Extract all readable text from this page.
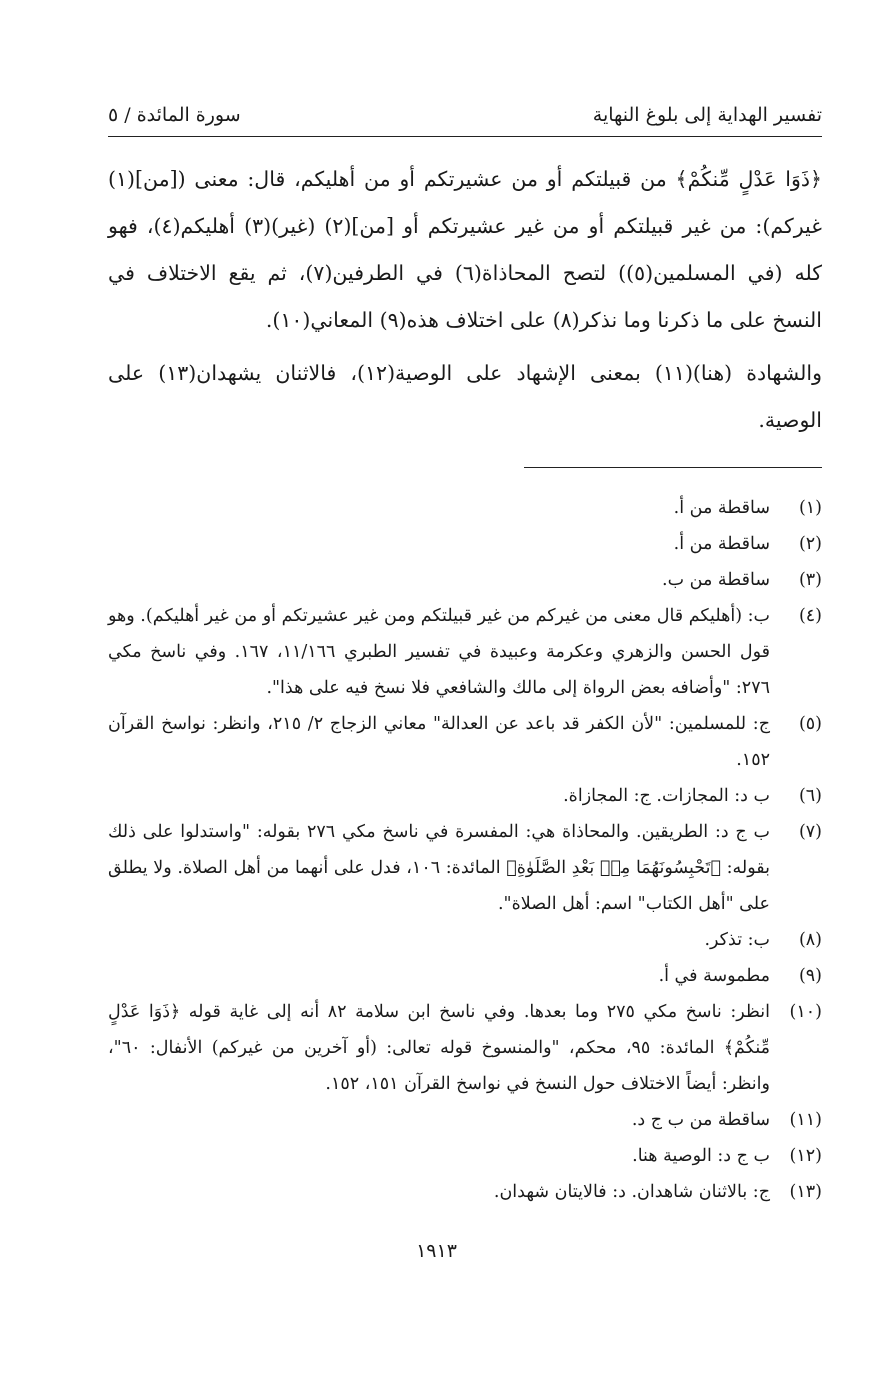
تفسير الهداية إلى بلوغ النهاية
سورة المائدة / ٥

﴿ذَوَا عَدْلٍ مِّنكُمْ﴾ من قبيلتكم أو من عشيرتكم أو من أهليكم، قال: معنى ([من](١) غيركم): من غير قبيلتكم أو من غير عشيرتكم أو [من](٢) (غير)(٣) أهليكم(٤)، فهو كله (في المسلمين(٥)) لتصح المحاذاة(٦) في الطرفين(٧)، ثم يقع الاختلاف في النسخ على ما ذكرنا وما نذكر(٨) على اختلاف هذه(٩) المعاني(١٠).

والشهادة (هنا)(١١) بمعنى الإشهاد على الوصية(١٢)، فالاثنان يشهدان(١٣) على الوصية.

(١)
ساقطة من أ.
(٢)
ساقطة من أ.
(٣)
ساقطة من ب.
(٤)
ب: (أهليكم قال معنى من غيركم من غير قبيلتكم ومن غير عشيرتكم أو من غير أهليكم). وهو قول الحسن والزهري وعكرمة وعبيدة في تفسير الطبري ١١/١٦٦، ١٦٧. وفي ناسخ مكي ٢٧٦: "وأضافه بعض الرواة إلى مالك والشافعي فلا نسخ فيه على هذا".
(٥)
ج: للمسلمين: "لأن الكفر قد باعد عن العدالة" معاني الزجاج ٢/ ٢١٥، وانظر: نواسخ القرآن ١٥٢.
(٦)
ب د: المجازات. ج: المجازاة.
(٧)
ب ج د: الطريقين. والمحاذاة هي: المفسرة في ناسخ مكي ٢٧٦ بقوله: "واستدلوا على ذلك بقوله: ﴿تَحْبِسُونَهُمَا مِنۢ بَعْدِ الصَّلَوٰةِ﴾ المائدة: ١٠٦، فدل على أنهما من أهل الصلاة. ولا يطلق على "أهل الكتاب" اسم: أهل الصلاة".
(٨)
ب: تذكر.
(٩)
مطموسة في أ.
(١٠)
انظر: ناسخ مكي ٢٧٥ وما بعدها. وفي ناسخ ابن سلامة ٨٢ أنه إلى غاية قوله ﴿ذَوَا عَدْلٍ مِّنكُمْ﴾ المائدة: ٩٥، محكم، "والمنسوخ قوله تعالى: (أو آخرين من غيركم) الأنفال: ٦٠"، وانظر: أيضاً الاختلاف حول النسخ في نواسخ القرآن ١٥١، ١٥٢.
(١١)
ساقطة من ب ج د.
(١٢)
ب ج د: الوصية هنا.
(١٣)
ج: بالاثنان شاهدان. د: فالايتان شهدان.
١٩١٣
